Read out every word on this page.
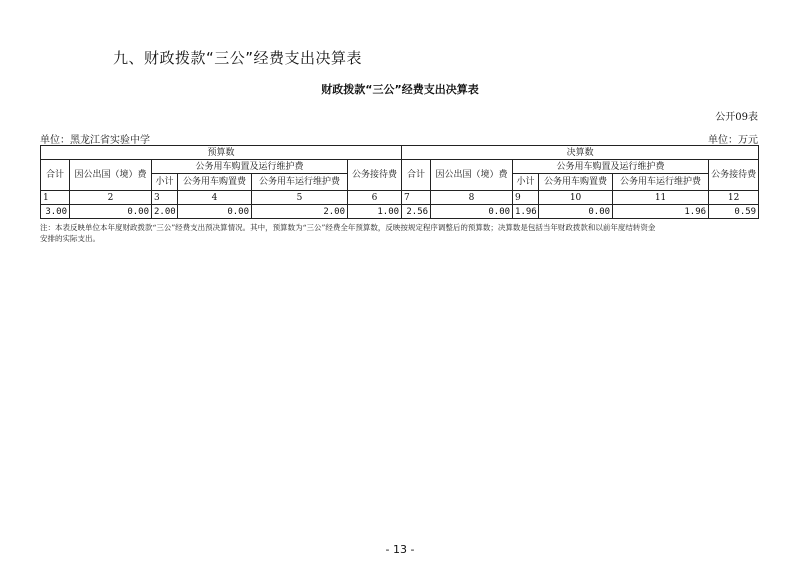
九、财政拨款“三公”经费支出决算表
财政拨款“三公”经费支出决算表
公开09表
单位：黑龙江省实验中学	单位：万元
预算数						决算数					
合计	因公出国（境）费	公务用车购置及运行维护费			公务接待费	合计	因公出国（境）费	公务用车购置及运行维护费			公务接待费
		小计	公务用车购置费	公务用车运行维护费				小计	公务用车购置费	公务用车运行维护费	
1	2	3	4	5	6	7	8	9	10	11	12
3.00	0.00	2.00	0.00	2.00	1.00	2.56	0.00	1.96	0.00	1.96	0.59
注：本表反映单位本年度财政拨款“三公”经费支出预决算情况。其中，预算数为“三公”经费全年预算数，反映按规定程序调整后的预算数；决算数是包括当年财政拨款和以前年度结转资金
安排的实际支出。
- 13 -
